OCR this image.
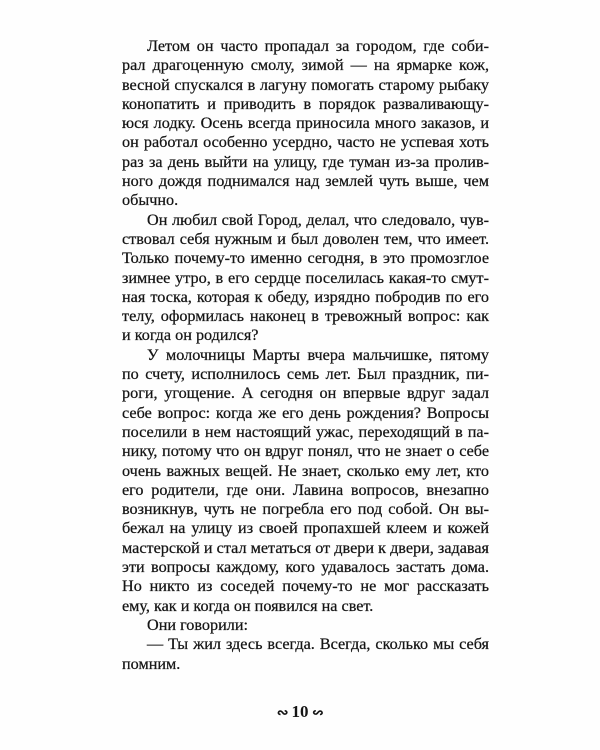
Летом он часто пропадал за городом, где соби-
рал драгоценную смолу, зимой — на ярмарке кож,
весной спускался в лагуну помогать старому рыбаку
конопатить и приводить в порядок разваливающу-
юся лодку. Осень всегда приносила много заказов, и
он работал особенно усердно, часто не успевая хоть
раз за день выйти на улицу, где туман из-за пролив-
ного дождя поднимался над землей чуть выше, чем
обычно.
Он любил свой Город, делал, что следовало, чув-
ствовал себя нужным и был доволен тем, что имеет.
Только почему-то именно сегодня, в это промозглое
зимнее утро, в его сердце поселилась какая-то смут-
ная тоска, которая к обеду, изрядно побродив по его
телу, оформилась наконец в тревожный вопрос: как
и когда он родился?
У молочницы Марты вчера мальчишке, пятому
по счету, исполнилось семь лет. Был праздник, пи-
роги, угощение. А сегодня он впервые вдруг задал
себе вопрос: когда же его день рождения? Вопросы
поселили в нем настоящий ужас, переходящий в па-
нику, потому что он вдруг понял, что не знает о себе
очень важных вещей. Не знает, сколько ему лет, кто
его родители, где они. Лавина вопросов, внезапно
возникнув, чуть не погребла его под собой. Он вы-
бежал на улицу из своей пропахшей клеем и кожей
мастерской и стал метаться от двери к двери, задавая
эти вопросы каждому, кого удавалось застать дома.
Но никто из соседей почему-то не мог рассказать
ему, как и когда он появился на свет.
Они говорили:
— Ты жил здесь всегда. Всегда, сколько мы себя
помним.
∾ 10 ∾
